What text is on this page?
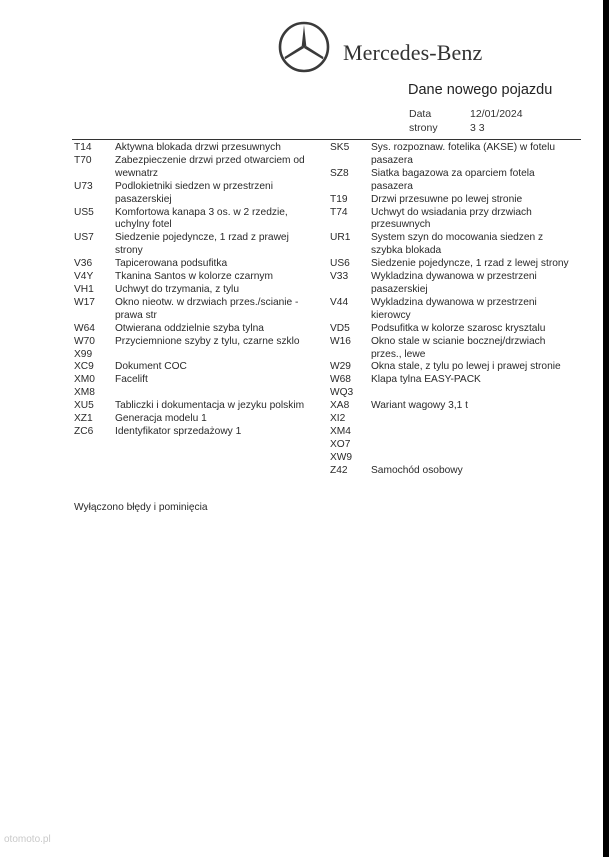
Mercedes-Benz
Dane nowego pojazdu
Data	12/01/2024
strony	3 3
T14	Aktywna blokada drzwi przesuwnych
T70	Zabezpieczenie drzwi przed otwarciem od wewnatrz
U73	Podlokietniki siedzen w przestrzeni pasazerskiej
US5	Komfortowa kanapa 3 os. w 2 rzedzie, uchylny fotel
US7	Siedzenie pojedyncze, 1 rzad z prawej strony
V36	Tapicerowana podsufitka
V4Y	Tkanina Santos w kolorze czarnym
VH1	Uchwyt do trzymania, z tylu
W17	Okno nieotw. w drzwiach przes./scianie - prawa str
W64	Otwierana oddzielnie szyba tylna
W70	Przyciemnione szyby z tylu, czarne szklo
X99
XC9	Dokument COC
XM0	Facelift
XM8
XU5	Tabliczki i dokumentacja w jezyku polskim
XZ1	Generacja modelu 1
ZC6	Identyfikator sprzedażowy 1
SK5	Sys. rozpoznaw. fotelika (AKSE) w fotelu pasazera
SZ8	Siatka bagazowa za oparciem fotela pasazera
T19	Drzwi przesuwne po lewej stronie
T74	Uchwyt do wsiadania przy drzwiach przesuwnych
UR1	System szyn do mocowania siedzen z szybka blokada
US6	Siedzenie pojedyncze, 1 rzad z lewej strony
V33	Wykladzina dywanowa w przestrzeni pasazerskiej
V44	Wykladzina dywanowa w przestrzeni kierowcy
VD5	Podsufitka w kolorze szarosc krysztalu
W16	Okno stale w scianie bocznej/drzwiach przes., lewe
W29	Okna stale, z tylu po lewej i prawej stronie
W68	Klapa tylna EASY-PACK
WQ3
XA8	Wariant wagowy 3,1 t
XI2
XM4
XO7
XW9
Z42	Samochód osobowy
Wyłączono błędy i pominięcia
otomoto.pl
